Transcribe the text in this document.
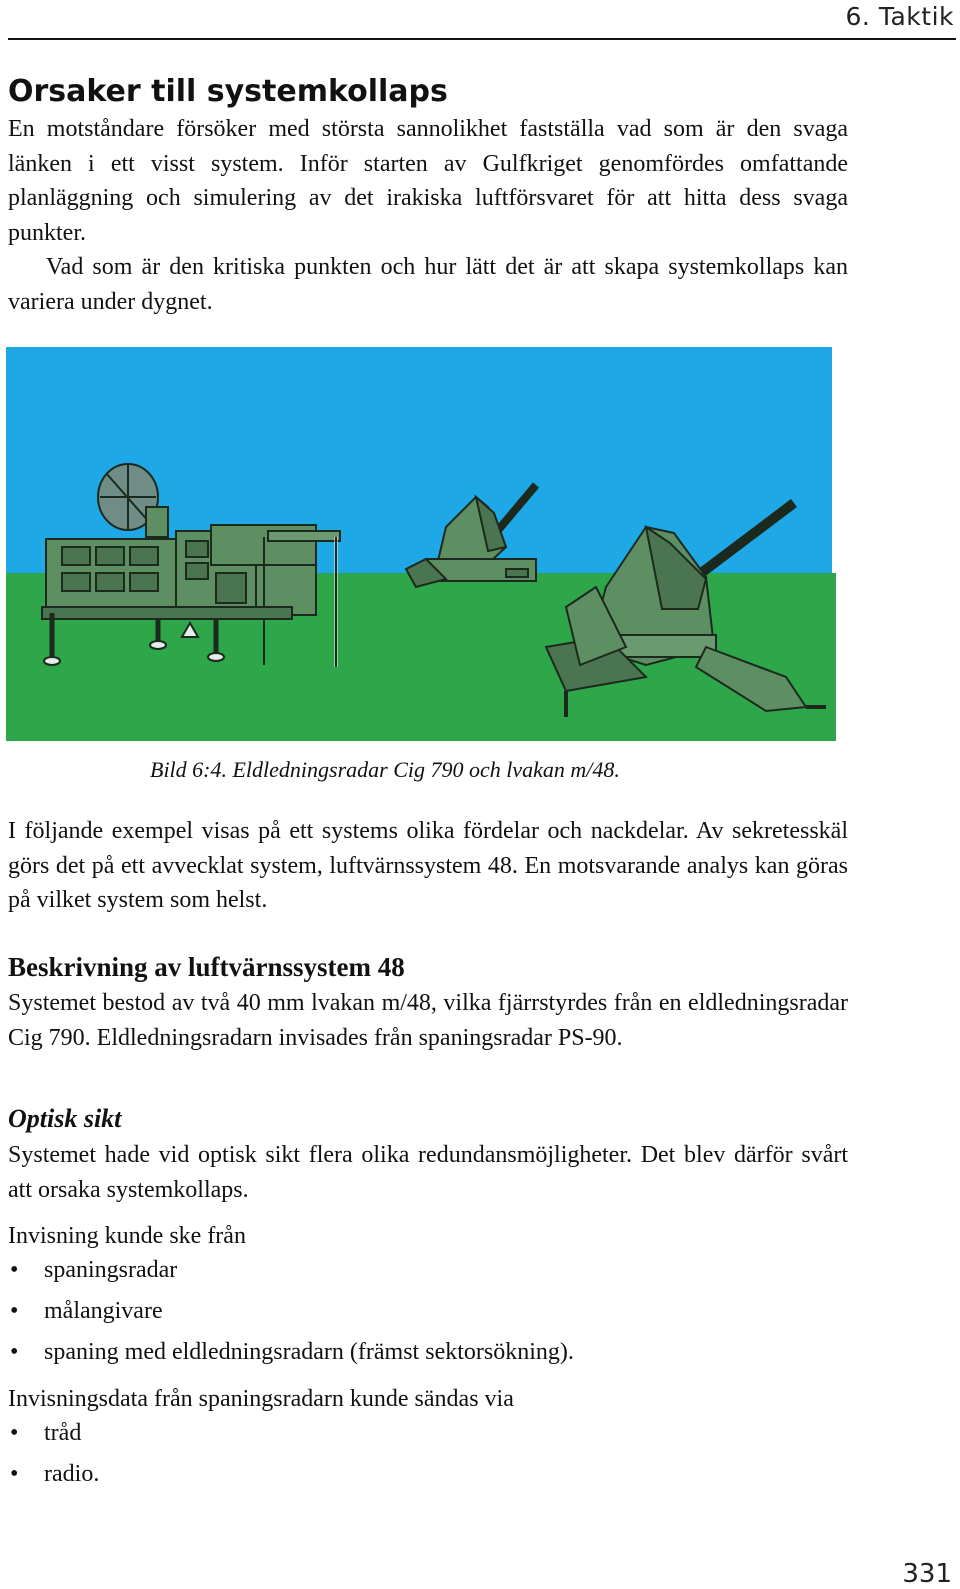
6. Taktik
Orsaker till systemkollaps

En motståndare försöker med största sannolikhet fastställa vad som är den svaga länken i ett visst system. Inför starten av Gulfkriget genomfördes omfattande planläggning och simulering av det irakiska luftförsvaret för att hitta dess svaga punkter.

Vad som är den kritiska punkten och hur lätt det är att skapa systemkollaps kan variera under dygnet.

Bild 6:4. Eldledningsradar Cig 790 och lvakan m/48.

I följande exempel visas på ett systems olika fördelar och nackdelar. Av sekretesskäl görs det på ett avvecklat system, luftvärnssystem 48. En motsvarande analys kan göras på vilket system som helst.

Beskrivning av luftvärnssystem 48

Systemet bestod av två 40 mm lvakan m/48, vilka fjärrstyrdes från en eldledningsradar Cig 790. Eldledningsradarn invisades från spaningsradar PS-90.

Optisk sikt

Systemet hade vid optisk sikt flera olika redundansmöjligheter. Det blev därför svårt att orsaka systemkollaps.

Invisning kunde ske från

• spaningsradar
• målangivare
• spaning med eldledningsradarn (främst sektorsökning).

Invisningsdata från spaningsradarn kunde sändas via

• tråd
• radio.
331
